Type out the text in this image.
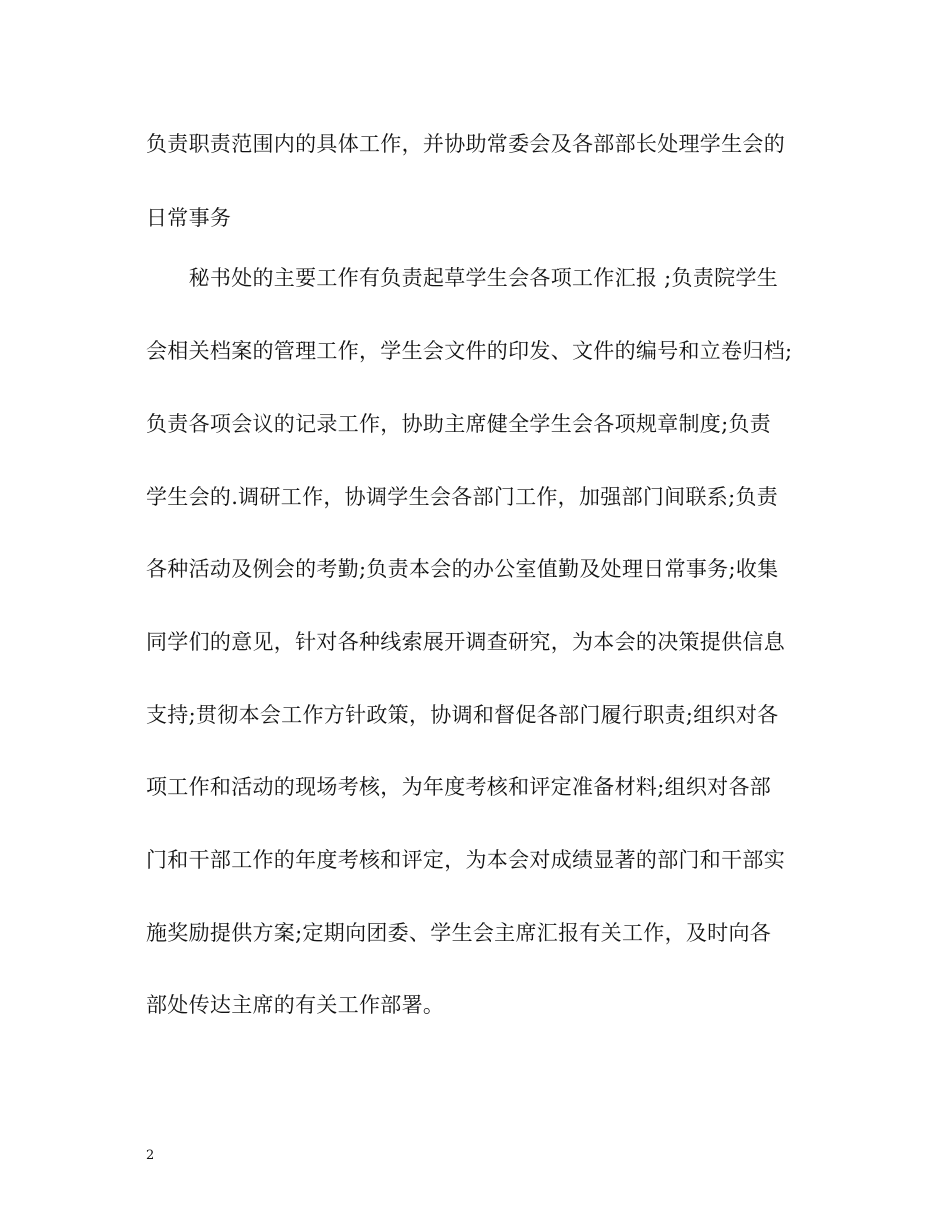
负责职责范围内的具体工作，并协助常委会及各部部长处理学生会的
日常事务
　　秘书处的主要工作有负责起草学生会各项工作汇报 ;负责院学生
会相关档案的管理工作，学生会文件的印发、文件的编号和立卷归档;
负责各项会议的记录工作，协助主席健全学生会各项规章制度;负责
学生会的.调研工作，协调学生会各部门工作，加强部门间联系;负责
各种活动及例会的考勤;负责本会的办公室值勤及处理日常事务;收集
同学们的意见，针对各种线索展开调查研究，为本会的决策提供信息
支持;贯彻本会工作方针政策，协调和督促各部门履行职责;组织对各
项工作和活动的现场考核，为年度考核和评定准备材料;组织对各部
门和干部工作的年度考核和评定，为本会对成绩显著的部门和干部实
施奖励提供方案;定期向团委、学生会主席汇报有关工作，及时向各
部处传达主席的有关工作部署。
2
